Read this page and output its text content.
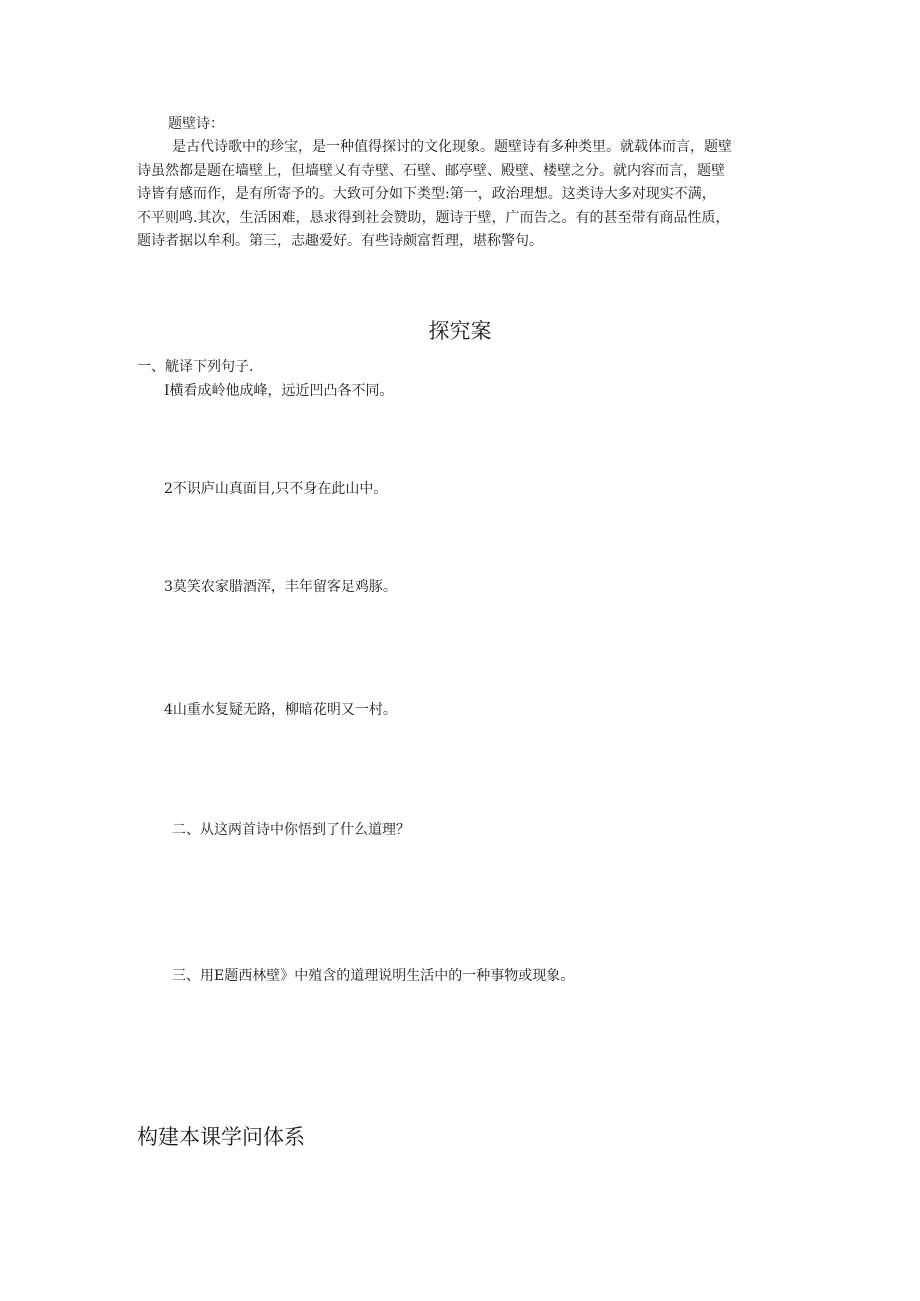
题壁诗：

是古代诗歌中的珍宝，是一种值得探讨的文化现象。题壁诗有多种类里。就载体而言，题壁

诗虽然都是题在墙壁上，但墙壁乂有寺壁、石壁、邮亭壁、殿壁、楼壁之分。就内容而言，题壁

诗皆有感而作，是有所寄予的。大致可分如下类型:第一，政治理想。这类诗大多对现实不满，

不平则鸣.其次，生活困难，恳求得到社会赞助，题诗于壁，广而告之。有的甚至带有商品性质，

题诗者据以牟利。第三，志趣爱好。有些诗颇富哲理，堪称警句。

探究案
一、觥译下列句子.
I横看成岭他成峰，远近凹凸各不同。
2不识庐山真面目,只不身在此山中。
3莫笑农家腊酒浑，丰年留客足鸡豚。
4山重水复疑无路，柳暗花明又一村。
二、从这两首诗中你悟到了什么道理？
三、用E题西林壁》中殖含的道理说明生活中的一种事物或现象。
构建本课学问体系
